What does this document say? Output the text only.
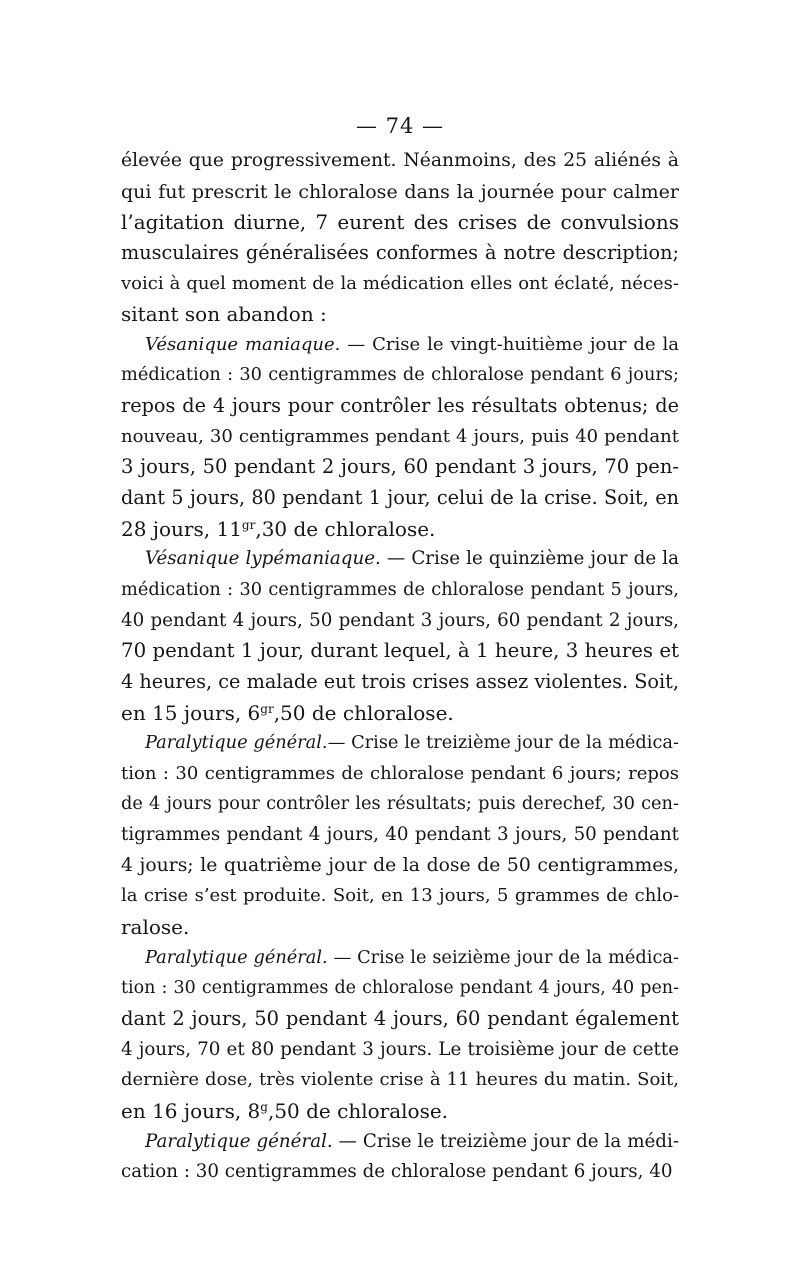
— 74 —
élevée que progressivement. Néanmoins, des 25 aliénés à
qui fut prescrit le chloralose dans la journée pour calmer
l’agitation diurne, 7 eurent des crises de convulsions
musculaires généralisées conformes à notre description;
voici à quel moment de la médication elles ont éclaté, néces-
sitant son abandon :
Vésanique maniaque. — Crise le vingt-huitième jour de la
médication : 30 centigrammes de chloralose pendant 6 jours;
repos de 4 jours pour contrôler les résultats obtenus; de
nouveau, 30 centigrammes pendant 4 jours, puis 40 pendant
3 jours, 50 pendant 2 jours, 60 pendant 3 jours, 70 pen-
dant 5 jours, 80 pendant 1 jour, celui de la crise. Soit, en
28 jours, $11^{gr},30$ de chloralose.
Vésanique lypémaniaque. — Crise le quinzième jour de la
médication : 30 centigrammes de chloralose pendant 5 jours,
40 pendant 4 jours, 50 pendant 3 jours, 60 pendant 2 jours,
70 pendant 1 jour, durant lequel, à 1 heure, 3 heures et
4 heures, ce malade eut trois crises assez violentes. Soit,
en 15 jours, $6^{gr},50$ de chloralose.
Paralytique général.— Crise le treizième jour de la médica-
tion : 30 centigrammes de chloralose pendant 6 jours; repos
de 4 jours pour contrôler les résultats; puis derechef, 30 cen-
tigrammes pendant 4 jours, 40 pendant 3 jours, 50 pendant
4 jours; le quatrième jour de la dose de 50 centigrammes,
la crise s’est produite. Soit, en 13 jours, 5 grammes de chlo-
ralose.
Paralytique général. — Crise le seizième jour de la médica-
tion : 30 centigrammes de chloralose pendant 4 jours, 40 pen-
dant 2 jours, 50 pendant 4 jours, 60 pendant également
4 jours, 70 et 80 pendant 3 jours. Le troisième jour de cette
dernière dose, très violente crise à 11 heures du matin. Soit,
en 16 jours, 8$^g$,50 de chloralose.
Paralytique général. — Crise le treizième jour de la médi-
cation : 30 centigrammes de chloralose pendant 6 jours, 40
